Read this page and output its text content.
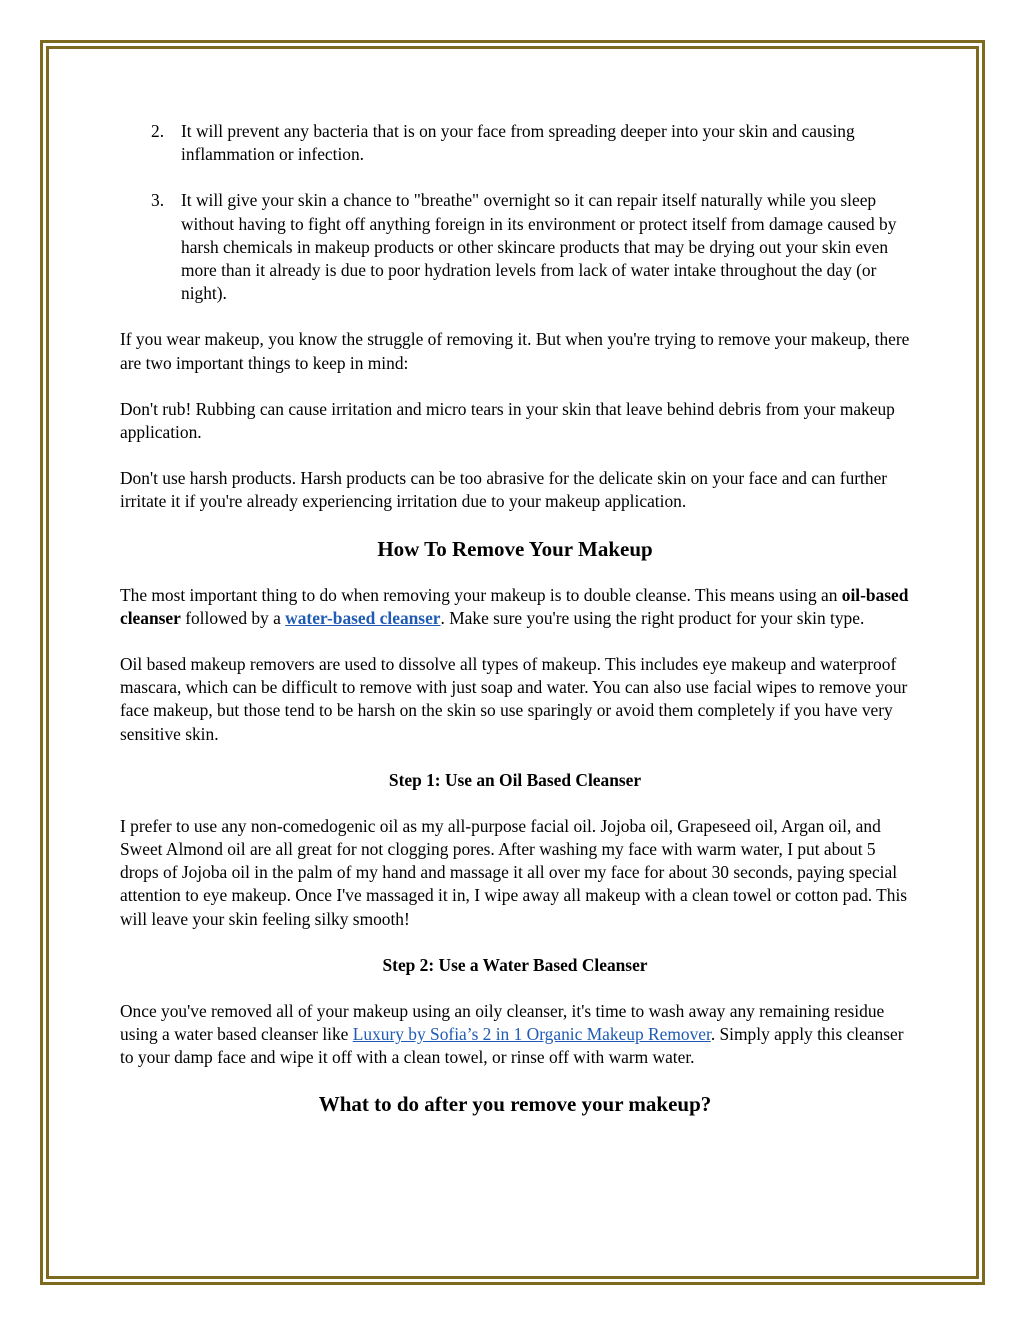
2. It will prevent any bacteria that is on your face from spreading deeper into your skin and causing inflammation or infection.
3. It will give your skin a chance to "breathe" overnight so it can repair itself naturally while you sleep without having to fight off anything foreign in its environment or protect itself from damage caused by harsh chemicals in makeup products or other skincare products that may be drying out your skin even more than it already is due to poor hydration levels from lack of water intake throughout the day (or night).

If you wear makeup, you know the struggle of removing it. But when you're trying to remove your makeup, there are two important things to keep in mind:

Don't rub! Rubbing can cause irritation and micro tears in your skin that leave behind debris from your makeup application.

Don't use harsh products. Harsh products can be too abrasive for the delicate skin on your face and can further irritate it if you're already experiencing irritation due to your makeup application.

How To Remove Your Makeup

The most important thing to do when removing your makeup is to double cleanse. This means using an oil-based cleanser followed by a water-based cleanser. Make sure you're using the right product for your skin type.

Oil based makeup removers are used to dissolve all types of makeup. This includes eye makeup and waterproof mascara, which can be difficult to remove with just soap and water. You can also use facial wipes to remove your face makeup, but those tend to be harsh on the skin so use sparingly or avoid them completely if you have very sensitive skin.

Step 1: Use an Oil Based Cleanser

I prefer to use any non-comedogenic oil as my all-purpose facial oil. Jojoba oil, Grapeseed oil, Argan oil, and Sweet Almond oil are all great for not clogging pores. After washing my face with warm water, I put about 5 drops of Jojoba oil in the palm of my hand and massage it all over my face for about 30 seconds, paying special attention to eye makeup. Once I've massaged it in, I wipe away all makeup with a clean towel or cotton pad. This will leave your skin feeling silky smooth!

Step 2: Use a Water Based Cleanser

Once you've removed all of your makeup using an oily cleanser, it's time to wash away any remaining residue using a water based cleanser like Luxury by Sofia’s 2 in 1 Organic Makeup Remover. Simply apply this cleanser to your damp face and wipe it off with a clean towel, or rinse off with warm water.

What to do after you remove your makeup?
